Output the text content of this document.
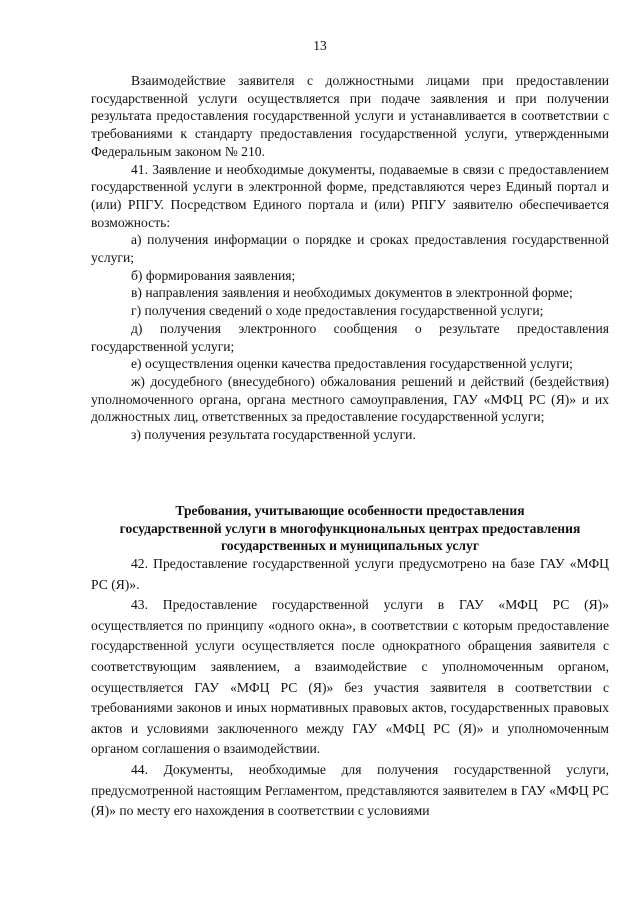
13

Взаимодействие заявителя с должностными лицами при предоставлении государственной услуги осуществляется при подаче заявления и при получении результата предоставления государственной услуги и устанавливается в соответствии с требованиями к стандарту предоставления государственной услуги, утвержденными Федеральным законом № 210.

41. Заявление и необходимые документы, подаваемые в связи с предоставлением государственной услуги в электронной форме, представляются через Единый портал и (или) РПГУ. Посредством Единого портала и (или) РПГУ заявителю обеспечивается возможность:

а) получения информации о порядке и сроках предоставления государственной услуги;

б) формирования заявления;

в) направления заявления и необходимых документов в электронной форме;

г) получения сведений о ходе предоставления государственной услуги;

д) получения электронного сообщения о результате предоставления государственной услуги;

е) осуществления оценки качества предоставления государственной услуги;

ж) досудебного (внесудебного) обжалования решений и действий (бездействия) уполномоченного органа, органа местного самоуправления, ГАУ «МФЦ РС (Я)» и их должностных лиц, ответственных за предоставление государственной услуги;

з) получения результата государственной услуги.

Требования, учитывающие особенности предоставления
государственной услуги в многофункциональных центрах предоставления
государственных и муниципальных услуг

42. Предоставление государственной услуги предусмотрено на базе ГАУ «МФЦ РС (Я)».

43. Предоставление государственной услуги в ГАУ «МФЦ РС (Я)» осуществляется по принципу «одного окна», в соответствии с которым предоставление государственной услуги осуществляется после однократного обращения заявителя с соответствующим заявлением, а взаимодействие с уполномоченным органом, осуществляется ГАУ «МФЦ РС (Я)» без участия заявителя в соответствии с требованиями законов и иных нормативных правовых актов, государственных правовых актов и условиями заключенного между ГАУ «МФЦ РС (Я)» и уполномоченным органом соглашения о взаимодействии.

44. Документы, необходимые для получения государственной услуги, предусмотренной настоящим Регламентом, представляются заявителем в ГАУ «МФЦ РС (Я)» по месту его нахождения в соответствии с условиями
